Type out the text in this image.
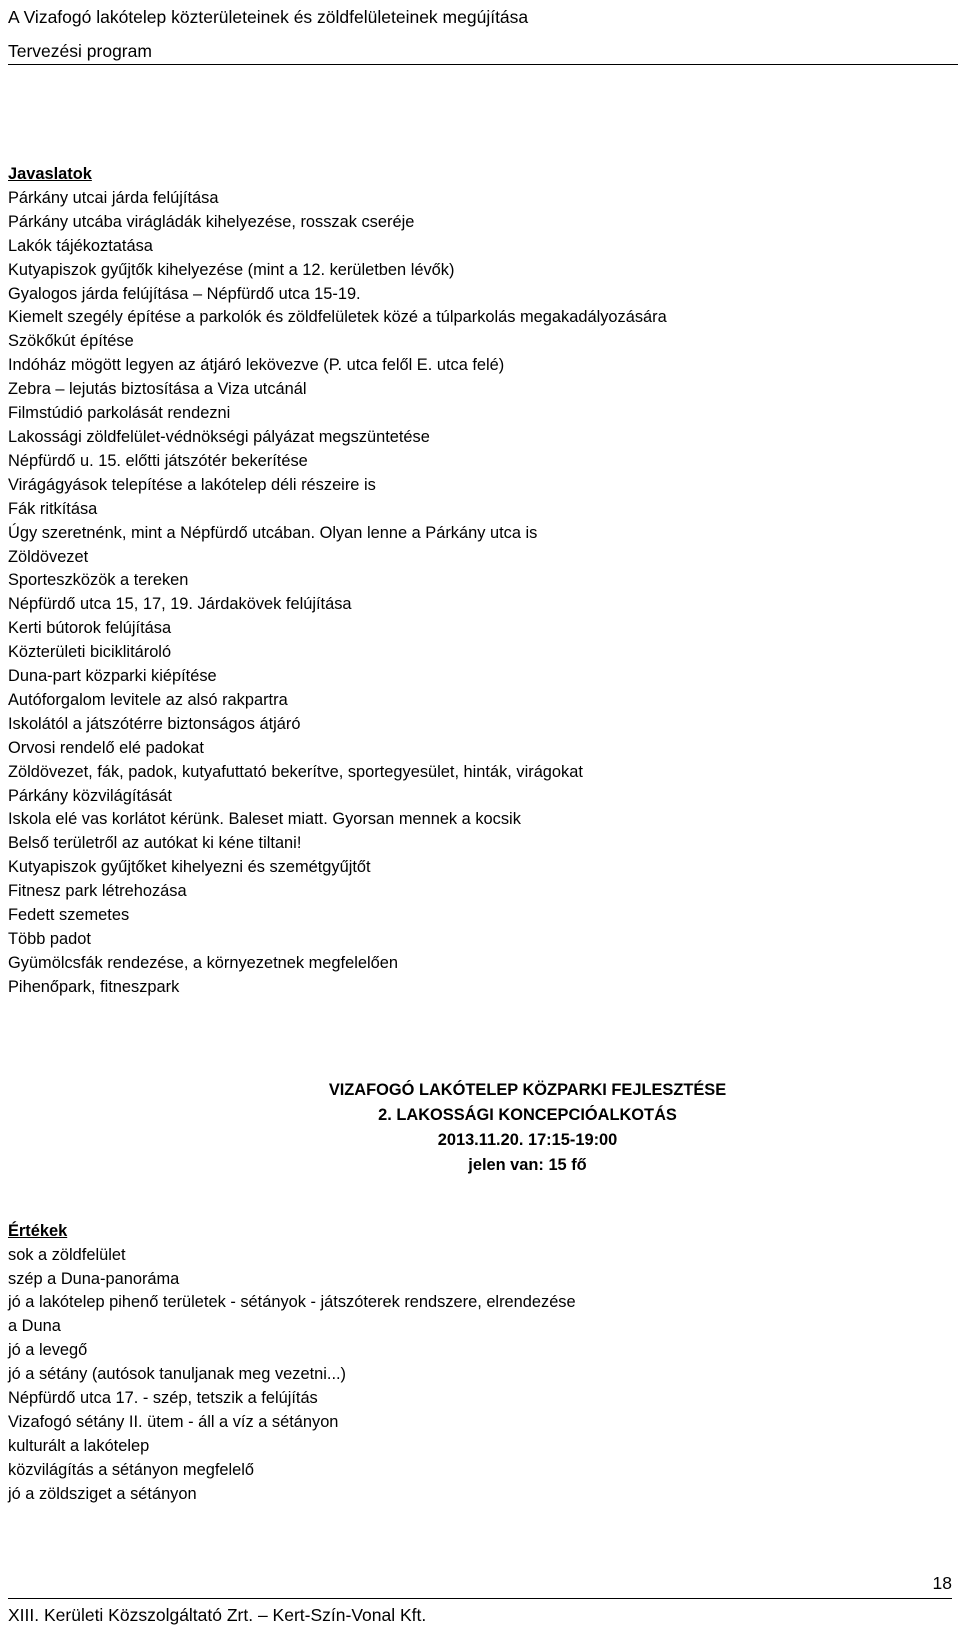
A Vizafogó lakótelep közterületeinek és zöldfelületeinek megújítása
Tervezési program
Javaslatok
Párkány utcai járda felújítása
Párkány utcába virágládák kihelyezése, rosszak cseréje
Lakók tájékoztatása
Kutyapiszok gyűjtők kihelyezése (mint a 12. kerületben lévők)
Gyalogos járda felújítása – Népfürdő utca 15-19.
Kiemelt szegély építése a parkolók és zöldfelületek közé a túlparkolás megakadályozására
Szökőkút építése
Indóház mögött legyen az átjáró lekövezve (P. utca felől E. utca felé)
Zebra – lejutás biztosítása a Viza utcánál
Filmstúdió parkolását rendezni
Lakossági zöldfelület-védnökségi pályázat megszüntetése
Népfürdő u. 15. előtti játszótér bekerítése
Virágágyások telepítése a lakótelep déli részeire is
Fák ritkítása
Úgy szeretnénk, mint a Népfürdő utcában. Olyan lenne a Párkány utca is
Zöldövezet
Sporteszközök a tereken
Népfürdő utca 15, 17, 19. Járdakövek felújítása
Kerti bútorok felújítása
Közterületi biciklitároló
Duna-part közparki kiépítése
Autóforgalom levitele az alsó rakpartra
Iskolától a játszótérre biztonságos átjáró
Orvosi rendelő elé padokat
Zöldövezet, fák, padok, kutyafuttató bekerítve, sportegyesület, hinták, virágokat
Párkány közvilágítását
Iskola elé vas korlátot kérünk. Baleset miatt. Gyorsan mennek a kocsik
Belső területről az autókat ki kéne tiltani!
Kutyapiszok gyűjtőket kihelyezni és szemétgyűjtőt
Fitnesz park létrehozása
Fedett szemetes
Több padot
Gyümölcsfák rendezése, a környezetnek megfelelően
Pihenőpark, fitneszpark
VIZAFOGÓ LAKÓTELEP KÖZPARKI FEJLESZTÉSE
2. LAKOSSÁGI KONCEPCIÓALKOTÁS
2013.11.20. 17:15-19:00
jelen van: 15 fő
Értékek
sok a zöldfelület
szép a Duna-panoráma
jó a lakótelep pihenő területek - sétányok - játszóterek rendszere, elrendezése
a Duna
jó a levegő
jó a sétány (autósok tanuljanak meg vezetni...)
Népfürdő utca 17. - szép, tetszik a felújítás
Vizafogó sétány II. ütem - áll a víz a sétányon
kulturált a lakótelep
közvilágítás a sétányon megfelelő
jó a zöldsziget a sétányon
XIII. Kerületi Közszolgáltató Zrt. – Kert-Szín-Vonal Kft.
18
